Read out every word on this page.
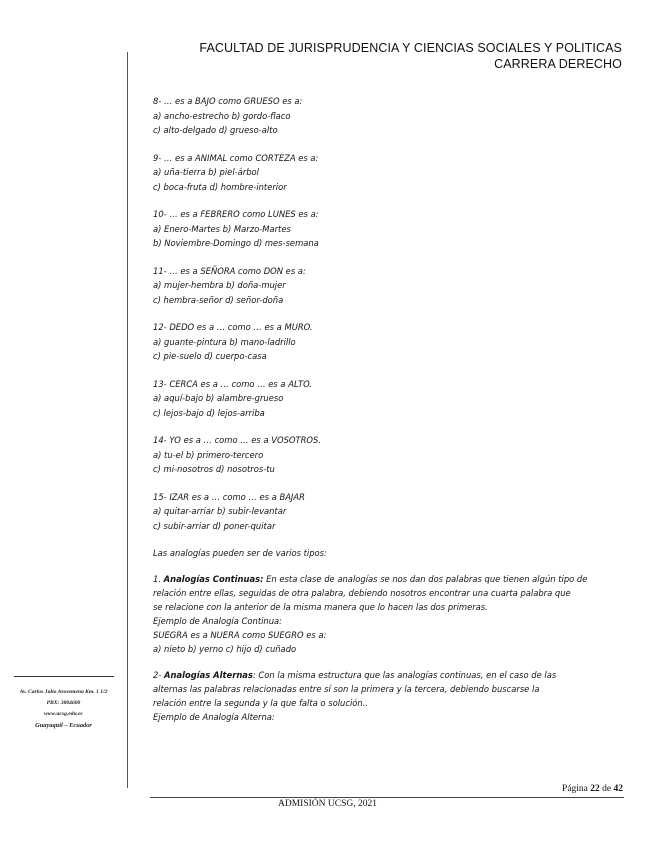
FACULTAD DE JURISPRUDENCIA Y CIENCIAS SOCIALES Y POLITICAS
CARRERA DERECHO
8- … es a BAJO como GRUESO es a:
a) ancho-estrecho b) gordo-flaco
c) alto-delgado d) grueso-alto
9- … es a ANIMAL como CORTEZA es a:
a) uña-tierra b) piel-árbol
c) boca-fruta d) hombre-interior
10- … es a FEBRERO como LUNES es a:
a) Enero-Martes b) Marzo-Martes
b) Noviembre-Domingo d) mes-semana
11- … es a SEÑORA como DON es a:
a) mujer-hembra b) doña-mujer
c) hembra-señor d) señor-doña
12- DEDO es a … como … es a MURO.
a) guante-pintura b) mano-ladrillo
c) pie-suelo d) cuerpo-casa
13- CERCA es a … como … es a ALTO.
a) aquí-bajo b) alambre-grueso
c) lejos-bajo d) lejos-arriba
14- YO es a … como … es a VOSOTROS.
a) tu-el b) primero-tercero
c) mi-nosotros d) nosotros-tu
15- IZAR es a … como … es a BAJAR
a) quitar-arriar b) subir-levantar
c) subir-arriar d) poner-quitar
Las analogías pueden ser de varios tipos:
1. Analogías Continuas: En esta clase de analogías se nos dan dos palabras que tienen algún tipo de
relación entre ellas, seguidas de otra palabra, debiendo nosotros encontrar una cuarta palabra que
se relacione con la anterior de la misma manera que lo hacen las dos primeras.
Ejemplo de Analogía Continua:
SUEGRA es a NUERA como SUEGRO es a:
a) nieto b) yerno c) hijo d) cuñado
2- Analogías Alternas: Con la misma estructura que las analogías continuas, en el caso de las
alternas las palabras relacionadas entre sí son la primera y la tercera, debiendo buscarse la
relación entre la segunda y la que falta o solución..
Ejemplo de Analogía Alterna:
Av. Carlos Julio Arosemena Km. 1 1/2
PBX: 3804600
www.ucsg.edu.ec
Guayaquil – Ecuador
Página 22 de 42
ADMISIÓN UCSG, 2021
